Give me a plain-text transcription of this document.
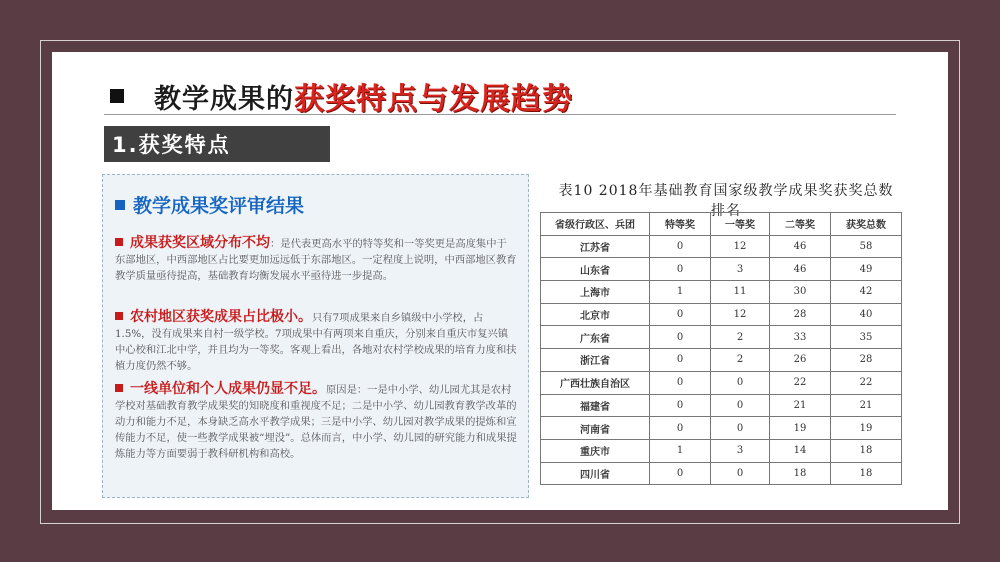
教学成果的 获奖特点与发展趋势
1.获奖特点
教学成果奖评审结果
成果获奖区域分布不均：是代表更高水平的特等奖和一等奖更是高度集中于东部地区，中西部地区占比要更加远远低于东部地区。一定程度上说明，中西部地区教育教学质量亟待提高，基础教育均衡发展水平亟待进一步提高。
农村地区获奖成果占比极小。只有7项成果来自乡镇级中小学校，占1.5%，没有成果来自村一级学校。7项成果中有两项来自重庆，分别来自重庆市复兴镇中心校和江北中学，并且均为一等奖。客观上看出，各地对农村学校成果的培育力度和扶植力度仍然不够。
一线单位和个人成果仍显不足。原因是：一是中小学、幼儿园尤其是农村学校对基础教育教学成果奖的知晓度和重视度不足；二是中小学、幼儿园教育教学改革的动力和能力不足，本身缺乏高水平教学成果；三是中小学、幼儿园对教学成果的提炼和宣传能力不足，使一些教学成果被“埋没”。总体而言，中小学、幼儿园的研究能力和成果提炼能力等方面要弱于教科研机构和高校。
表10 2018年基础教育国家级教学成果奖获奖总数排名
省级行政区、兵团	特等奖	一等奖	二等奖	获奖总数
江苏省	0	12	46	58
山东省	0	3	46	49
上海市	1	11	30	42
北京市	0	12	28	40
广东省	0	2	33	35
浙江省	0	2	26	28
广西壮族自治区	0	0	22	22
福建省	0	0	21	21
河南省	0	0	19	19
重庆市	1	3	14	18
四川省	0	0	18	18
